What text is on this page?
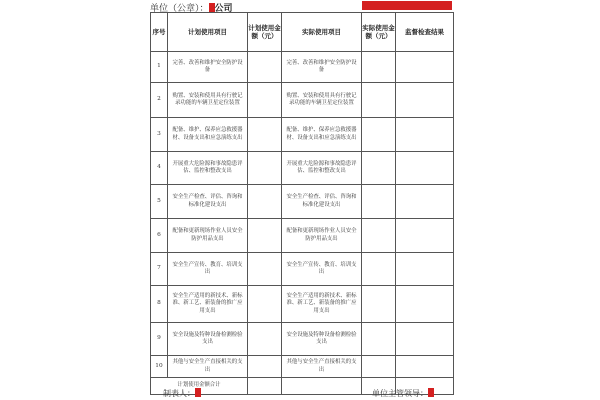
单位（公章）： 公司
序号	计划使用项目	计划使用金额（元）	实际使用项目	实际使用金额（元）	监督检查结果
1	完善、改善和维护安全防护设备		完善、改善和维护安全防护设备		
2	购置、安装和使用具有行驶记录功能的车辆卫星定位装置		购置、安装和使用具有行驶记录功能的车辆卫星定位装置		
3	配备、维护、保养应急救援器材、设备支出和应急演练支出		配备、维护、保养应急救援器材、设备支出和应急演练支出		
4	开展重大危险源和事故隐患评估、监控和整改支出		开展重大危险源和事故隐患评估、监控和整改支出		
5	安全生产检查、评估、咨询和标准化建设支出		安全生产检查、评估、咨询和标准化建设支出		
6	配备和更新现场作业人员安全防护用品支出		配备和更新现场作业人员安全防护用品支出		
7	安全生产宣传、教育、培训支出		安全生产宣传、教育、培训支出		
8	安全生产适用的新技术、新标准、新工艺、新装备的推广应用支出		安全生产适用的新技术、新标准、新工艺、新装备的推广应用支出		
9	安全设施及特种设备检测检验支出		安全设施及特种设备检测检验支出		
10	其他与安全生产直接相关的支出		其他与安全生产直接相关的支出		
计划使用金额合计					
制表人：	单位主管领导：
